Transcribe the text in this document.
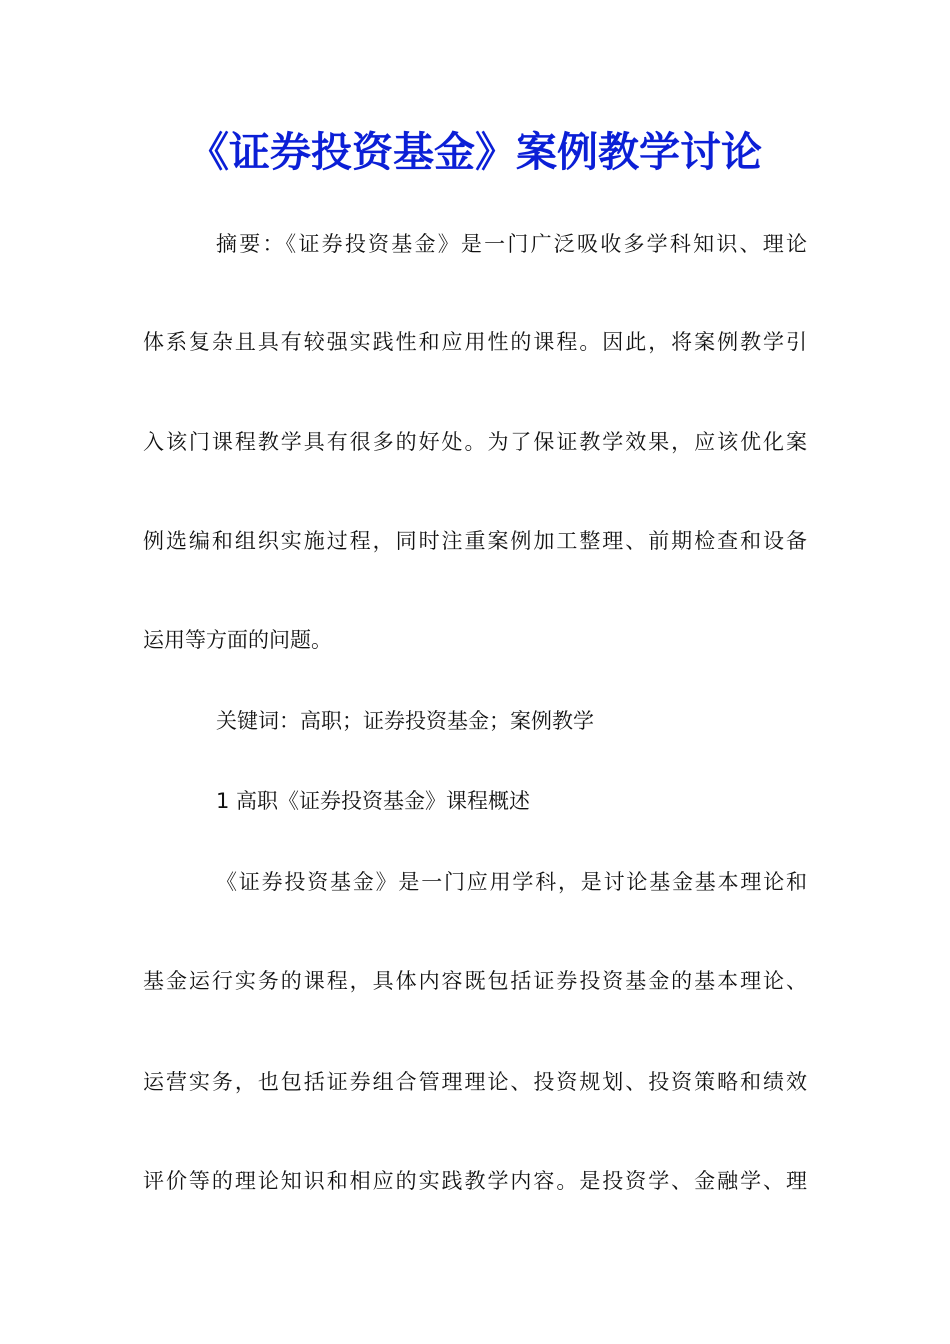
《证券投资基金》案例教学讨论
摘要：《证券投资基金》是一门广泛吸收多学科知识、理论
体系复杂且具有较强实践性和应用性的课程。因此，将案例教学引
入该门课程教学具有很多的好处。为了保证教学效果，应该优化案
例选编和组织实施过程，同时注重案例加工整理、前期检查和设备
运用等方面的问题。
关键词：高职；证券投资基金；案例教学
1 高职《证券投资基金》课程概述
《证券投资基金》是一门应用学科，是讨论基金基本理论和
基金运行实务的课程，具体内容既包括证券投资基金的基本理论、
运营实务，也包括证券组合管理理论、投资规划、投资策略和绩效
评价等的理论知识和相应的实践教学内容。是投资学、金融学、理
